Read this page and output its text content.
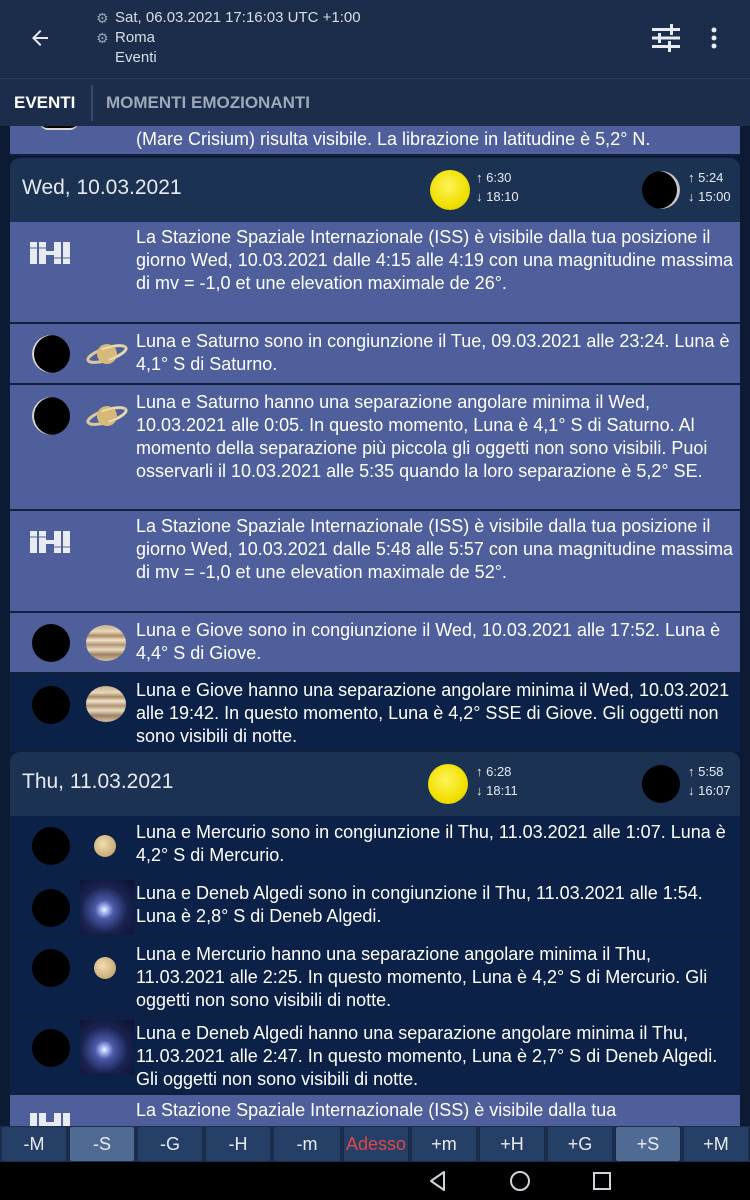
⚙ Sat, 06.03.2021 17:16:03 UTC +1:00
⚙ Roma
Eventi
EVENTI MOMENTI EMOZIONANTI
(Mare Crisium) risulta visibile. La librazione in latitudine è 5,2° N.
Wed, 10.03.2021	↑ 6:30
↓ 18:10
↑ 5:24
↓ 15:00
La Stazione Spaziale Internazionale (ISS) è visibile dalla tua posizione il giorno Wed, 10.03.2021 dalle 4:15 alle 4:19 con una magnitudine massima di mv = -1,0 et une elevation maximale de 26°.
Luna e Saturno sono in congiunzione il Tue, 09.03.2021 alle 23:24. Luna è 4,1° S di Saturno.
Luna e Saturno hanno una separazione angolare minima il Wed, 10.03.2021 alle 0:05. In questo momento, Luna è 4,1° S di Saturno. Al momento della separazione più piccola gli oggetti non sono visibili. Puoi osservarli il 10.03.2021 alle 5:35 quando la loro separazione è 5,2° SE.
La Stazione Spaziale Internazionale (ISS) è visibile dalla tua posizione il giorno Wed, 10.03.2021 dalle 5:48 alle 5:57 con una magnitudine massima di mv = -1,0 et une elevation maximale de 52°.
Luna e Giove sono in congiunzione il Wed, 10.03.2021 alle 17:52. Luna è 4,4° S di Giove.
Luna e Giove hanno una separazione angolare minima il Wed, 10.03.2021 alle 19:42. In questo momento, Luna è 4,2° SSE di Giove. Gli oggetti non sono visibili di notte.
Thu, 11.03.2021	↑ 6:28
↓ 18:11
↑ 5:58
↓ 16:07
Luna e Mercurio sono in congiunzione il Thu, 11.03.2021 alle 1:07. Luna è 4,2° S di Mercurio.
Luna e Deneb Algedi sono in congiunzione il Thu, 11.03.2021 alle 1:54. Luna è 2,8° S di Deneb Algedi.
Luna e Mercurio hanno una separazione angolare minima il Thu, 11.03.2021 alle 2:25. In questo momento, Luna è 4,2° S di Mercurio. Gli oggetti non sono visibili di notte.
Luna e Deneb Algedi hanno una separazione angolare minima il Thu, 11.03.2021 alle 2:47. In questo momento, Luna è 2,7° S di Deneb Algedi. Gli oggetti non sono visibili di notte.
La Stazione Spaziale Internazionale (ISS) è visibile dalla tua
-M	-S	-G	-H	-m	Adesso	+m	+H	+G	+S	+M
